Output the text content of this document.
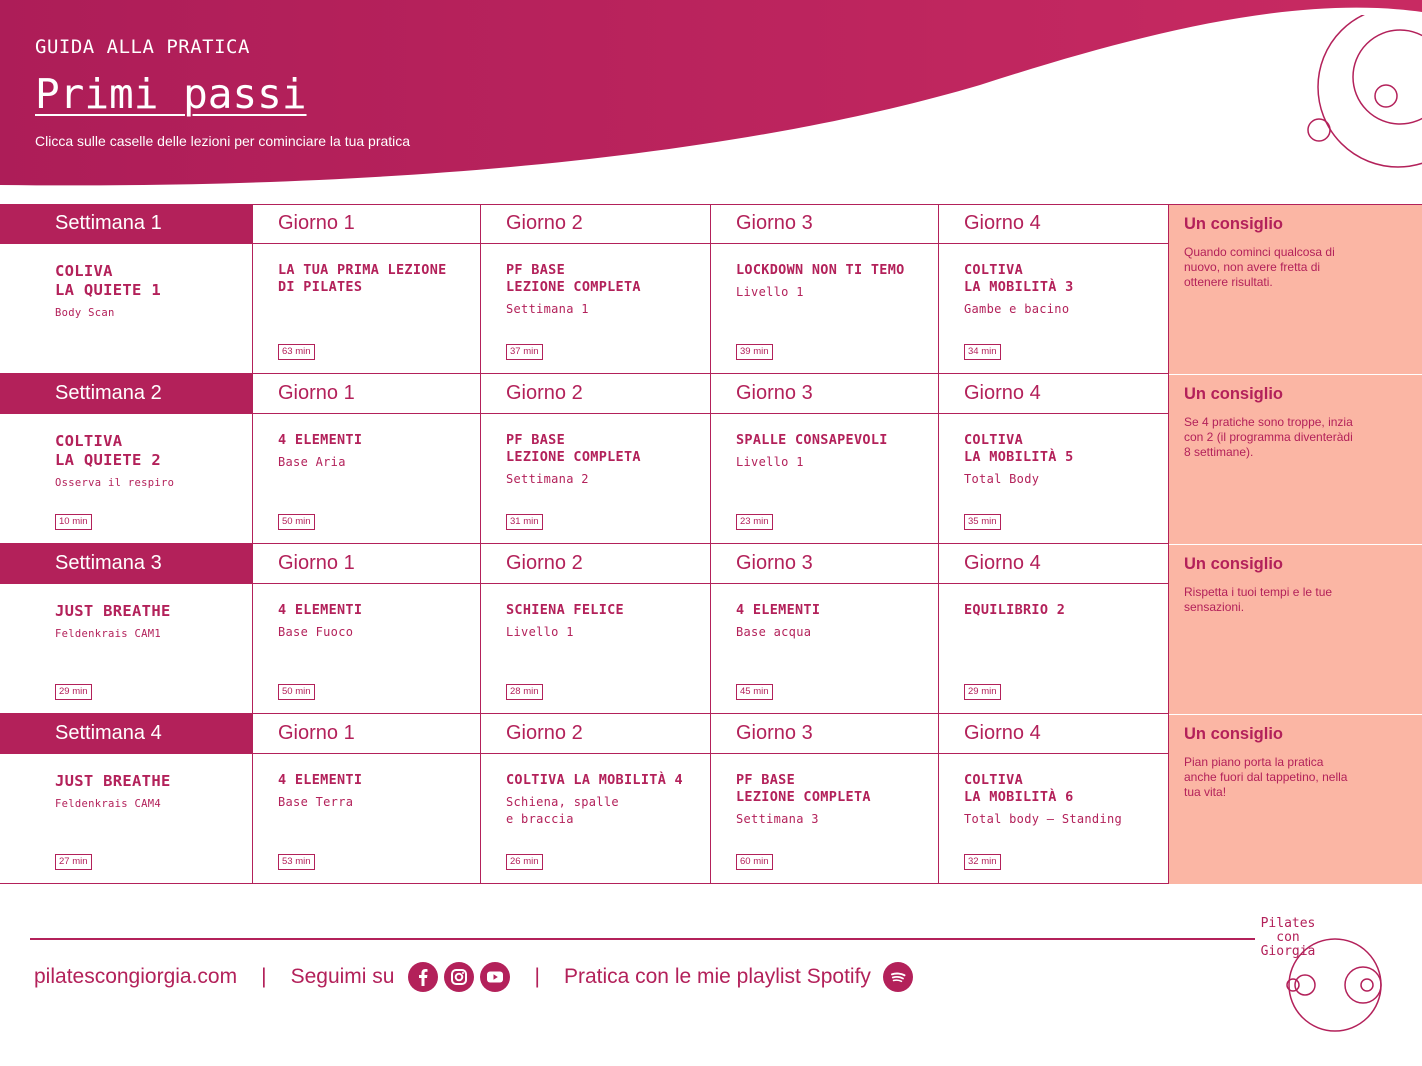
GUIDA ALLA PRATICA
Primi passi
Clicca sulle caselle delle lezioni per cominciare la tua pratica
Settimana 1
COLIVA
LA QUIETE 1
Body Scan
Giorno 1
LA TUA PRIMA LEZIONE
DI PILATES
63 min
Giorno 2
PF BASE
LEZIONE COMPLETA
Settimana 1
37 min
Giorno 3
LOCKDOWN NON TI TEMO
Livello 1
39 min
Giorno 4
COLTIVA
LA MOBILITÀ 3
Gambe e bacino
34 min
Un consiglio
Quando cominci qualcosa di nuovo, non avere fretta di ottenere risultati.
Settimana 2
COLTIVA
LA QUIETE 2
Osserva il respiro
10 min
Giorno 1
4 ELEMENTI
Base Aria
50 min
Giorno 2
PF BASE
LEZIONE COMPLETA
Settimana 2
31 min
Giorno 3
SPALLE CONSAPEVOLI
Livello 1
23 min
Giorno 4
COLTIVA
LA MOBILITÀ 5
Total Body
35 min
Un consiglio
Se 4 pratiche sono troppe, inzia con 2 (il programma diventeràdi 8 settimane).
Settimana 3
JUST BREATHE
Feldenkrais CAM1
29 min
Giorno 1
4 ELEMENTI
Base Fuoco
50 min
Giorno 2
SCHIENA FELICE
Livello 1
28 min
Giorno 3
4 ELEMENTI
Base acqua
45 min
Giorno 4
EQUILIBRIO 2
29 min
Un consiglio
Rispetta i tuoi tempi e le tue sensazioni.
Settimana 4
JUST BREATHE
Feldenkrais CAM4
27 min
Giorno 1
4 ELEMENTI
Base Terra
53 min
Giorno 2
COLTIVA LA MOBILITÀ 4
Schiena, spalle
e braccia
26 min
Giorno 3
PF BASE
LEZIONE COMPLETA
Settimana 3
60 min
Giorno 4
COLTIVA
LA MOBILITÀ 6
Total body — Standing
32 min
Un consiglio
Pian piano porta la pratica anche fuori dal tappetino, nella tua vita!
pilatescongiorgia.com | Seguimi su	| Pratica con le mie playlist Spotify
Pilates
con
Giorgia
